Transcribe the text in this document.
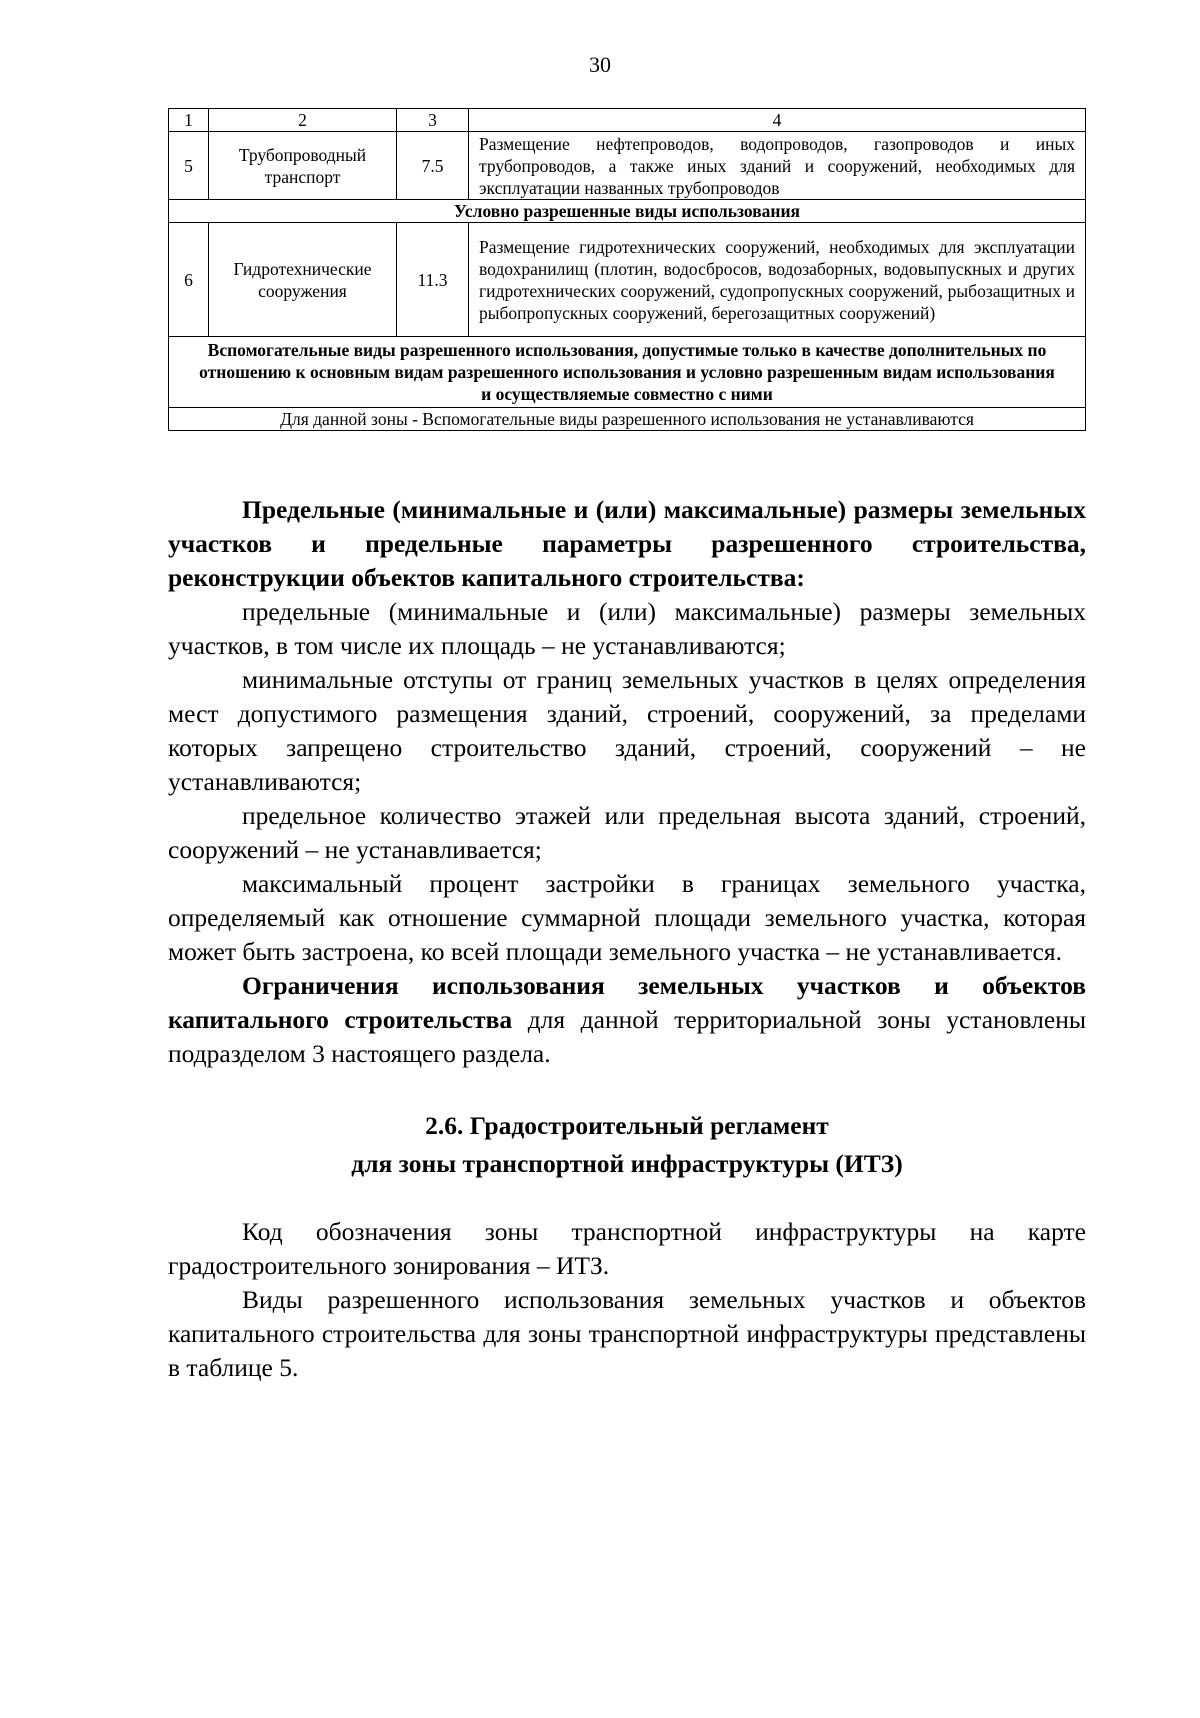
30
1	2	3	4
5	Трубопроводный транспорт	7.5	Размещение нефтепроводов, водопроводов, газопроводов и иных трубопроводов, а также иных зданий и сооружений, необходимых для эксплуатации названных трубопроводов
Условно разрешенные виды использования			
6	Гидротехнические сооружения	11.3	Размещение гидротехнических сооружений, необходимых для эксплуатации водохранилищ (плотин, водосбросов, водозаборных, водовыпускных и других гидротехнических сооружений, судопропускных сооружений, рыбозащитных и рыбопропускных сооружений, берегозащитных сооружений)
Вспомогательные виды разрешенного использования, допустимые только в качестве дополнительных по отношению к основным видам разрешенного использования и условно разрешенным видам использования и осуществляемые совместно с ними			
Для данной зоны - Вспомогательные виды разрешенного использования не устанавливаются			

Предельные (минимальные и (или) максимальные) размеры земельных участков и предельные параметры разрешенного строительства, реконструкции объектов капитального строительства:

предельные (минимальные и (или) максимальные) размеры земельных участков, в том числе их площадь – не устанавливаются;

минимальные отступы от границ земельных участков в целях определения мест допустимого размещения зданий, строений, сооружений, за пределами которых запрещено строительство зданий, строений, сооружений – не устанавливаются;

предельное количество этажей или предельная высота зданий, строений, сооружений – не устанавливается;

максимальный процент застройки в границах земельного участка, определяемый как отношение суммарной площади земельного участка, которая может быть застроена, ко всей площади земельного участка – не устанавливается.

Ограничения использования земельных участков и объектов капитального строительства для данной территориальной зоны установлены подразделом 3 настоящего раздела.

2.6. Градостроительный регламент
для зоны транспортной инфраструктуры (ИТЗ)

Код обозначения зоны транспортной инфраструктуры на карте градостроительного зонирования – ИТЗ.

Виды разрешенного использования земельных участков и объектов капитального строительства для зоны транспортной инфраструктуры представлены в таблице 5.
